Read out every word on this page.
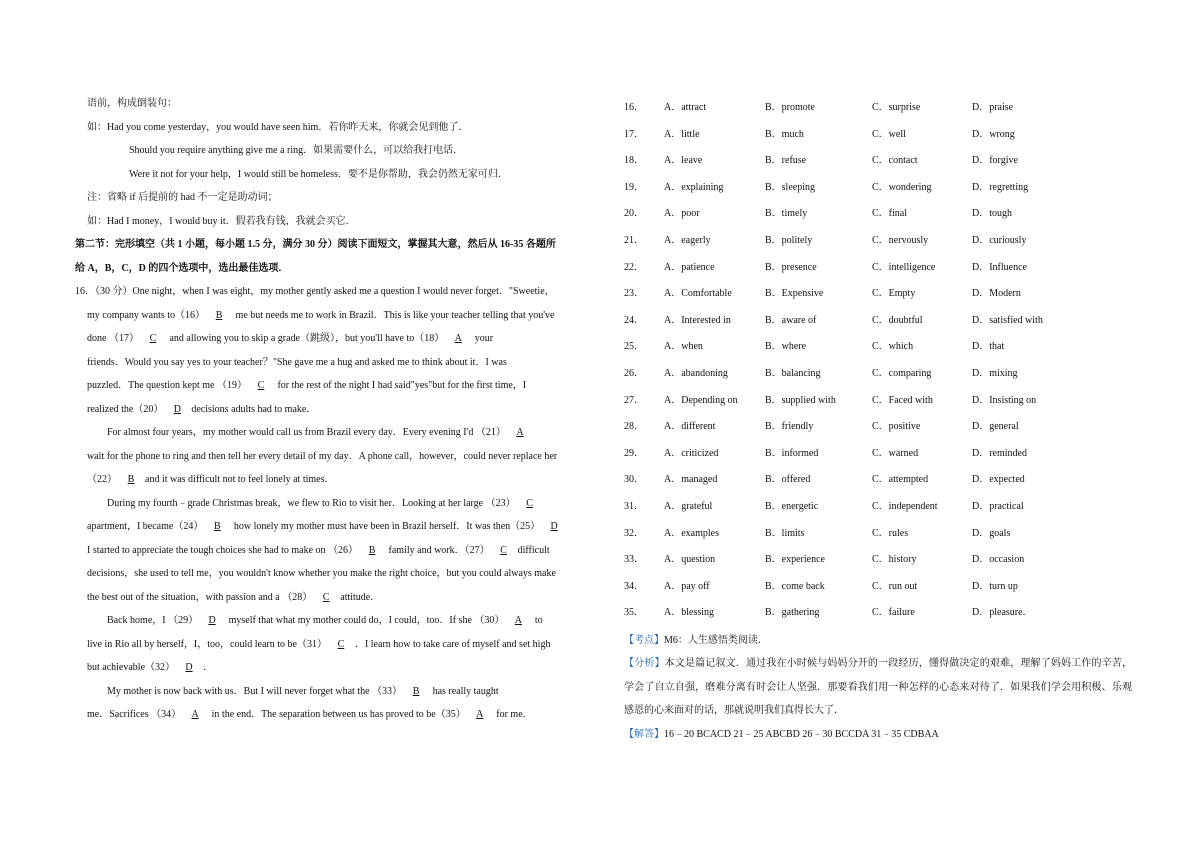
语前，构成倒装句：
如：Had you come yesterday，you would have seen him．若你昨天来，你就会见到他了．
Should you require anything give me a ring．如果需要什么，可以给我打电话．
Were it not for your help，I would still be homeless．要不是你帮助，我会仍然无家可归．
注：省略 if 后提前的 had 不一定是助动词；
如：Had I money，I would buy it．假若我有钱，我就会买它．
第二节：完形填空（共 1 小题，每小题 1.5 分，满分 30 分）阅读下面短文，掌握其大意，然后从 16-35 各题所
给 A，B，C，D 的四个选项中，选出最佳选项．
16．（30 分）One night，when I was eight，my mother gently asked me a question I would never forget．"Sweetie，
my company wants to（16） B me but needs me to work in Brazil．This is like your teacher telling that you've
done （17） C and allowing you to skip a grade（跳级），but you'll have to（18） A your
friends．Would you say yes to your teacher？"She gave me a hug and asked me to think about it．I was
puzzled．The question kept me （19） C for the rest of the night I had said"yes"but for the first time，I
realized the（20） D decisions adults had to make．
For almost four years，my mother would call us from Brazil every day．Every evening I'd （21） A
wait for the phone to ring and then tell her every detail of my day．A phone call，however，could never replace her
（22） B and it was difficult not to feel lonely at times．
During my fourth﹣grade Christmas break，we flew to Rio to visit her．Looking at her large （23） C
apartment，I became（24） B how lonely my mother must have been in Brazil herself．It was then（25） D
I started to appreciate the tough choices she had to make on （26） B family and work．（27） C difficult
decisions，she used to tell me，you wouldn't know whether you make the right choice，but you could always make
the best out of the situation，with passion and a （28） C attitude．
Back home，I （29） D myself that what my mother could do，I could，too．If she （30） A to
live in Rio all by herself，I，too，could learn to be（31） C ．I learn how to take care of myself and set high
but achievable（32） D ．
My mother is now back with us．But I will never forget what the （33） B has really taught
me．Sacrifices （34） A in the end．The separation between us has proved to be（35） A for me．
16． A．attract	B．promote	C．surprise	D．praise
17． A．little	B．much	C．well	D．wrong
18． A．leave	B．refuse	C．contact	D．forgive
19． A．explaining	B．sleeping	C．wondering	D．regretting
20． A．poor	B．timely	C．final	D．tough
21． A．eagerly	B．politely	C．nervously	D．curiously
22． A．patience	B．presence	C．intelligence	D．Influence
23． A．Comfortable	B．Expensive	C．Empty	D．Modern
24． A．Interested in	B．aware of	C．doubtful	D．satisfied with
25． A．when	B．where	C．which	D．that
26． A．abandoning	B．balancing	C．comparing	D．mixing
27． A．Depending on	B．supplied with	C．Faced with	D．Insisting on
28． A．different	B．friendly	C．positive	D．general
29． A．criticized	B．informed	C．warned	D．reminded
30． A．managed	B．offered	C．attempted	D．expected
31． A．grateful	B．energetic	C．independent	D．practical
32． A．examples	B．limits	C．rules	D．goals
33． A．question	B．experience	C．history	D．occasion
34． A．pay off	B．come back	C．run out	D．turn up
35． A．blessing	B．gathering	C．failure	D．pleasure．
【考点】M6：人生感悟类阅读．
【分析】本文是篇记叙文．通过我在小时候与妈妈分开的一段经历，懂得做决定的艰难，理解了妈妈工作的辛苦，学会了自立自强，磨难分离有时会让人坚强．那要看我们用一种怎样的心态来对待了．如果我们学会用积极、乐观感恩的心来面对的话，那就说明我们真得长大了．
【解答】16﹣20 BCACD 21﹣25 ABCBD 26﹣30 BCCDA 31﹣35 CDBAA
